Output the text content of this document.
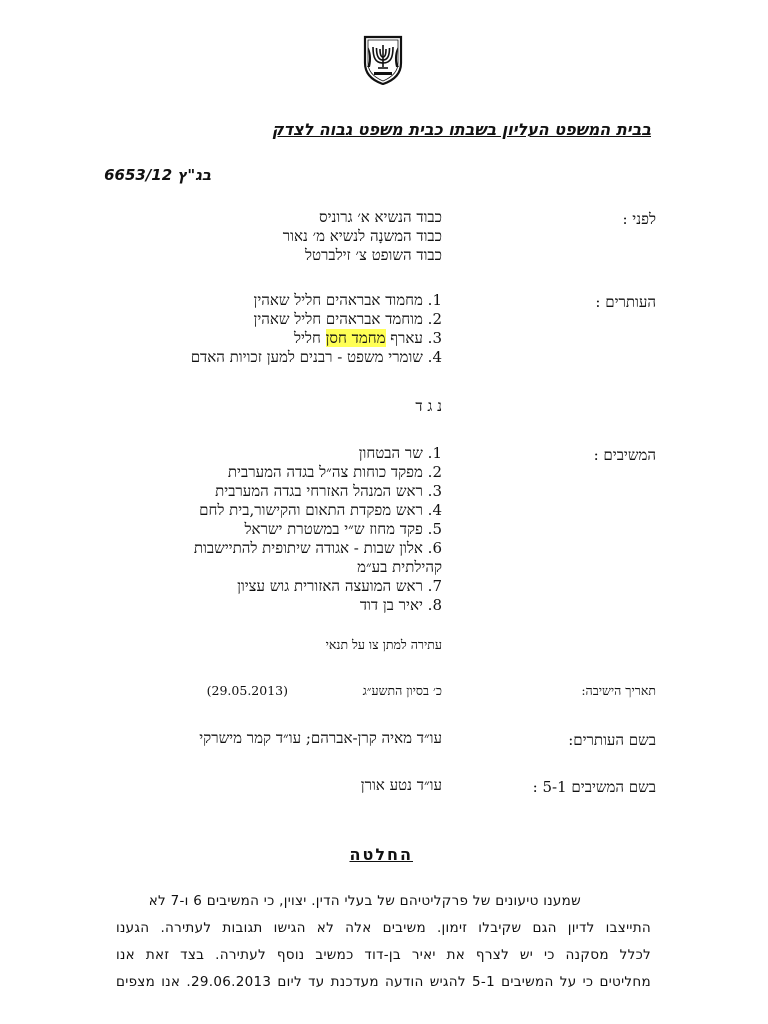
בבית המשפט העליון בשבתו כבית משפט גבוה לצדק
בג"ץ 6653/12
לפני :
כבוד הנשיא א׳ גרוניס
כבוד המשנָה לנשיא מ׳ נאור
כבוד השופט צ׳ זילברטל
העותרים :
1. מחמוד אבראהים חליל שאהין
2. מוחמד אבראהים חליל שאהין
3. עארף מחמד חסן חליל
4. שומרי משפט - רבנים למען זכויות האדם
נ ג ד
המשיבים :
1. שר הבטחון
2. מפקד כוחות צה״ל בגדה המערבית
3. ראש המנהל האזרחי בגדה המערבית
4. ראש מפקדת התאום והקישור,בית לחם
5. פקד מחוז ש״י במשטרת ישראל
6. אלון שבות - אגודה שיתופית להתיישבות
קהילתית בע״מ
7. ראש המועצה האזורית גוש עציון
8. יאיר בן דוד
עתירה למתן צו על תנאי
תאריך הישיבה:
כ׳ בסיון התשע״ג
(29.05.2013)
בשם העותרים:
עו״ד מאיה קרן-אברהם; עו״ד קמר מישרקי
בשם המשיבים 5-1 :
עו״ד נטע אורן
החלטה
שמענו טיעונים של פרקליטיהם של בעלי הדין. יצוין, כי המשיבים 6 ו-7 לא
התייצבו לדיון הגם שקיבלו זימון. משיבים אלה לא הגישו תגובות לעתירה. הגענו
לכלל מסקנה כי יש לצרף את יאיר בן-דוד כמשיב נוסף לעתירה. בצד זאת אנו
מחליטים כי על המשיבים 5-1 להגיש הודעה מעדכנת עד ליום 29.06.2013. אנו מצפים
